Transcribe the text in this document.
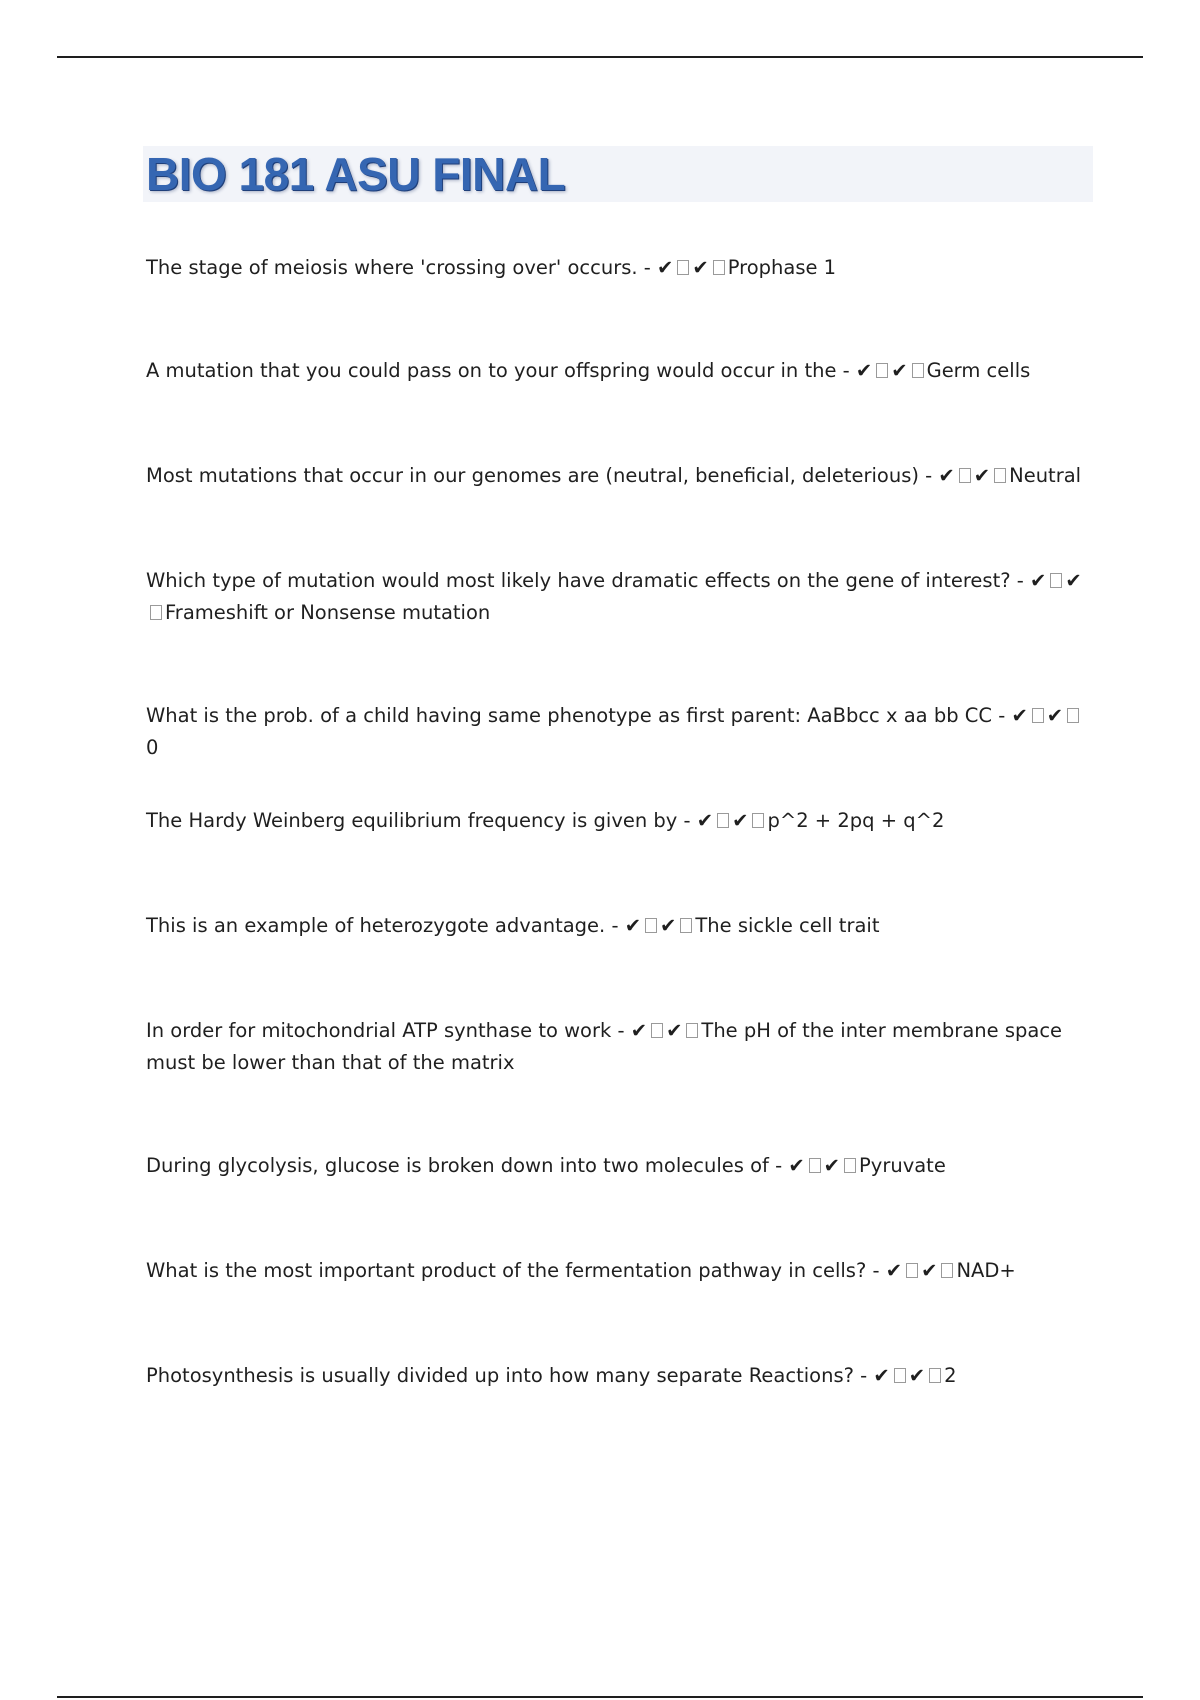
BIO 181 ASU FINAL

The stage of meiosis where 'crossing over' occurs. - ✔ ✔ Prophase 1

A mutation that you could pass on to your offspring would occur in the - ✔ ✔ Germ cells

Most mutations that occur in our genomes are (neutral, beneficial, deleterious) - ✔ ✔ Neutral

Which type of mutation would most likely have dramatic effects on the gene of interest? - ✔ ✔Frameshift or Nonsense mutation

What is the prob. of a child having same phenotype as first parent: AaBbcc x aa bb CC - ✔ ✔0

The Hardy Weinberg equilibrium frequency is given by - ✔ ✔ p^2 + 2pq + q^2

This is an example of heterozygote advantage. - ✔ ✔ The sickle cell trait

In order for mitochondrial ATP synthase to work - ✔ ✔ The pH of the inter membrane space must be lower than that of the matrix

During glycolysis, glucose is broken down into two molecules of - ✔ ✔ Pyruvate

What is the most important product of the fermentation pathway in cells? - ✔ ✔ NAD+

Photosynthesis is usually divided up into how many separate Reactions? - ✔ ✔ 2
